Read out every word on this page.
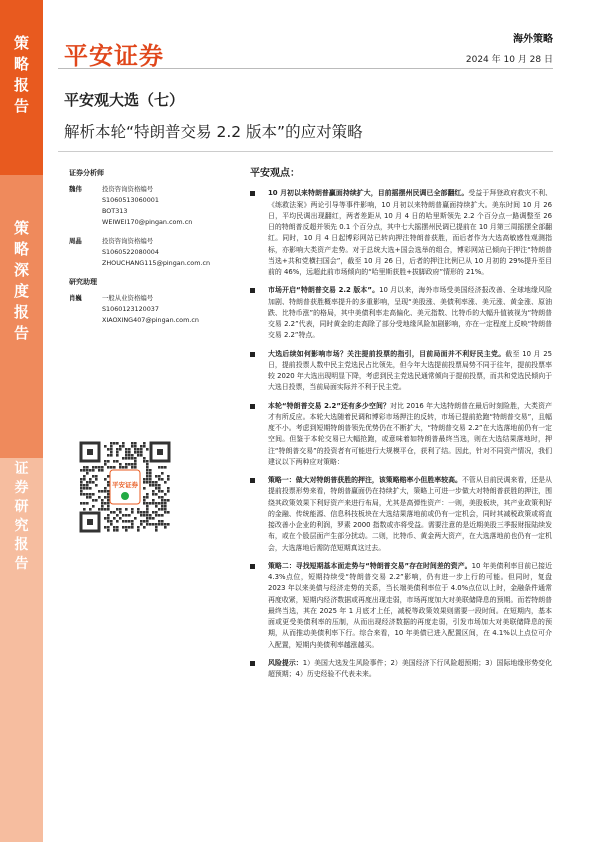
策
略
报
告
策
略
深
度
报
告
证
券
研
究
报
告
平安证券
海外策略
2024 年 10 月 28 日
平安观大选（七）
解析本轮“特朗普交易 2.2 版本”的应对策略
证券分析师
魏伟	投资咨询资格编号
S1060513060001
BOT313
WEIWEI170@pingan.com.cn
周晶	投资咨询资格编号
S1060522080004
ZHOUCHANG115@pingan.com.cn
研究助理
肖巍	一般从业资格编号
S1060123120037
XIAOXING407@pingan.com.cn
平安证券
平安观点：
10 月初以来特朗普赢面持续扩大，目前摇摆州民调已全部翻红。受益于拜登政府救灾不利、《练救法案》两论引导等事件影响，10 月初以来特朗普赢面持续扩大。美东时间 10 月 26 日，平均民调出现翻红，两者差距从 10 月 4 日的哈里斯领先 2.2 个百分点一路调整至 26 日的特朗普反超并领先 0.1 个百分点，其中七大摇摆州民调已提前在 10 月第三周摇摆全部翻红。同时，10 月 4 日起博彩网站已转向押注特朗普获胜，而后者作为大选高敏感性观测指标，亦影响大类资产走势。对于总统大选+国会选举的组合，博彩网站已倾向于押注“特朗普当选+共和党横扫国会”，截至 10 月 26 日，后者的押注比例已从 10 月初的 29%提升至目前的 46%，远超此前市场倾向的“哈里斯获胜+拔脚政府”情形的 21%。
市场开启“特朗普交易 2.2 版本”。10 月以来，海外市场受美国经济报改善、全球地缘风险加剧、特朗普获胜概率提升的多重影响，呈现“美股涨、美债利率涨、美元涨、黄金涨、原油跌、比特币涨”的格局，其中美债利率走高偏化、美元指数、比特币的大幅升值被视为“特朗普交易 2.2”代表，同时黄金的走高除了部分受地缘风险加剧影响，亦在一定程度上反映“特朗普交易 2.2”特点。
大选后续如何影响市场？关注提前投票的指引，目前局面并不利好民主党。截至 10 月 25 日，提前投票人数中民主党选民占比领先，但今年大选提前投票局势不同于往年，提前投票率较 2020 年大选出现明显下降，考虑到民主党选民通常倾向于提前投票，而共和党选民倾向于大选日投票，当前局面实际并不利于民主党。
本轮“特朗普交易 2.2”还有多少空间？对比 2016 年大选特朗普在最后时刻险胜，大类资产才有所反应。本轮大选随着民调和博彩市场押注的反转，市场已提前抢跑“特朗普交易”，且幅度不小。考虑到短期特朗普领先优势仍在不断扩大，“特朗普交易 2.2”在大选落地前仍有一定空间。但鉴于本轮交易已大幅抢跑，或意味着如特朗普最终当选，则在大选结果落地时，押注“特朗普交易”的投资者有可能进行大规模平仓，获利了结。因此，针对不同资产情况，我们建议以下两种应对策略：
策略一：做大对特朗普获胜的押注，该策略赔率小但胜率较高。不管从目前民调来看，还是从提前投票形势来看，特朗普赢面仍在持续扩大，策略上可进一步做大对特朗普获胜的押注，围绕其政策效果下利好资产来进行布局，尤其是高弹性资产：一则，美股板块，其产业政策利好的金融、传统能源、信息科技板块在大选结果落地前或仍有一定机会，同时其减税政策或将直接改善小企业的利润，罗素 2000 指数或亦将受益。需要注意的是近期美股三季报财报陆续发布，或在个股层面产生部分扰动。二则，比特币、黄金两大资产，在大选落地前也仍有一定机会，大选落地后需防范短期真这过去。
策略二：寻找短期基本面走势与“特朗普交易”存在时间差的资产。10 年美债利率目前已接近 4.3%点位，短期持续受“特朗普交易 2.2”影响，仍有进一步上行的可能。但同时，复盘 2023 年以来美债与经济走势的关系，当长端美债利率位于 4.0%点位以上时，金融条件通常再度收紧，短期内经济数据或再度出现走弱，市场再度加大对美联储降息的预期。而若特朗普最终当选，其在 2025 年 1 月底才上任，减税等政策效果则需要一段时间。在短期内，基本面或更受美债利率的压制，从而出现经济数据的再度走弱，引发市场加大对美联储降息的预期，从而推动美债利率下行。综合来看，10 年美债已进入配置区间，在 4.1%以上点位可介入配置，短期内美债利率越涨越买。
风险提示：1）美国大选发生风险事件；2）美国经济下行风险超预期；3）国际地缘形势变化超预期；4）历史经验不代表未来。
